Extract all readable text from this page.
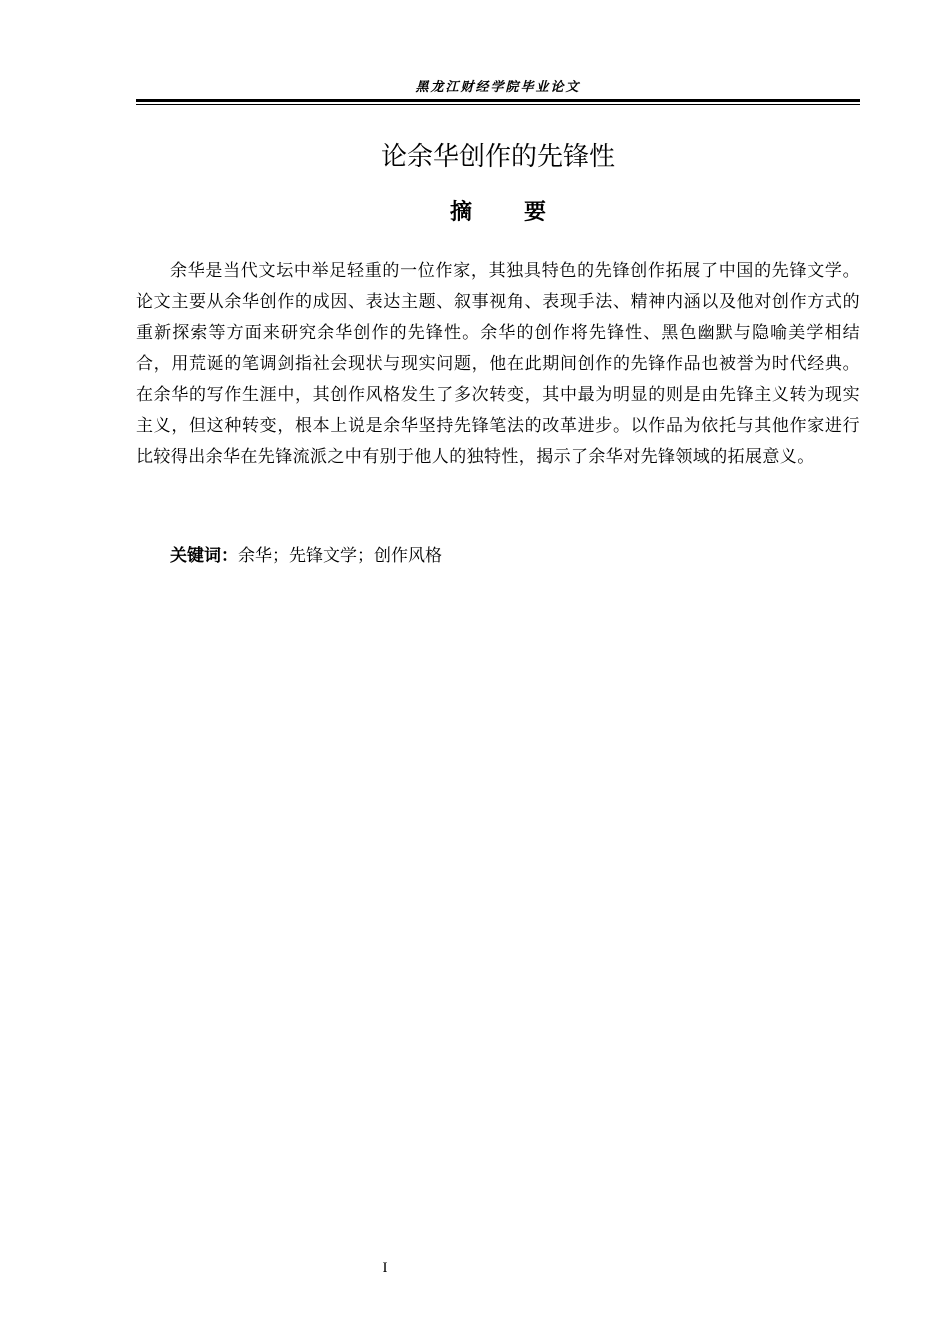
黑龙江财经学院毕业论文
论余华创作的先锋性
摘 要

余华是当代文坛中举足轻重的一位作家，其独具特色的先锋创作拓展了中国的先锋文学。论文主要从余华创作的成因、表达主题、叙事视角、表现手法、精神内涵以及他对创作方式的重新探索等方面来研究余华创作的先锋性。余华的创作将先锋性、黑色幽默与隐喻美学相结合，用荒诞的笔调剑指社会现状与现实问题，他在此期间创作的先锋作品也被誉为时代经典。在余华的写作生涯中，其创作风格发生了多次转变，其中最为明显的则是由先锋主义转为现实主义，但这种转变，根本上说是余华坚持先锋笔法的改革进步。以作品为依托与其他作家进行比较得出余华在先锋流派之中有别于他人的独特性，揭示了余华对先锋领域的拓展意义。

关键词：余华；先锋文学；创作风格
I
